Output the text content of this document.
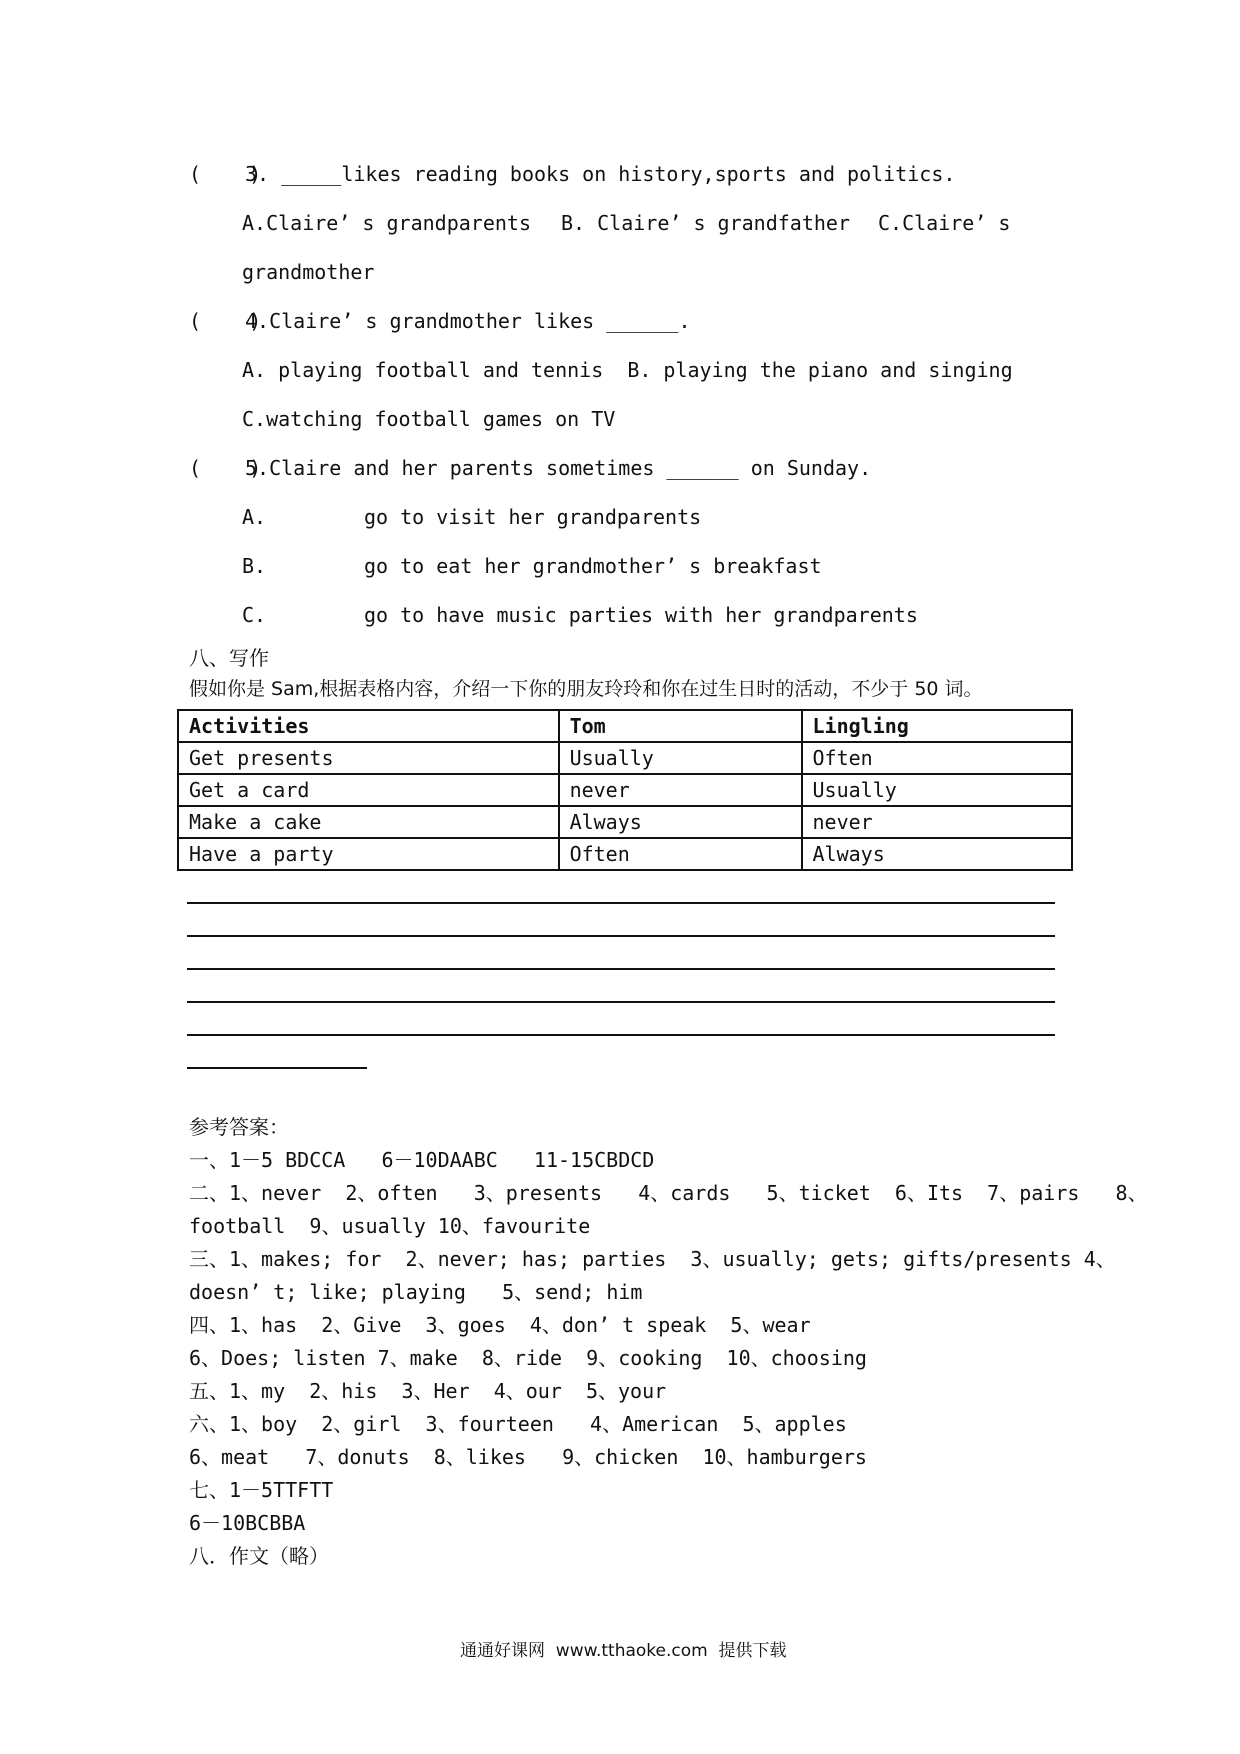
(    )
3. _____likes reading books on history,sports and politics.
A.Claire’ s grandparents B. Claire’ s grandfather C.Claire’ s
grandmother
(    )
4.Claire’ s grandmother likes ______.
A. playing football and tennis  B. playing the piano and singing
C.watching football games on TV
(    )
5.Claire and her parents sometimes ______ on Sunday.
A.	go to visit her grandparents
B.	go to eat her grandmother’ s breakfast
C.	go to have music parties with her grandparents
八、写作
假如你是 Sam,根据表格内容，介绍一下你的朋友玲玲和你在过生日时的活动，不少于 50 词。
Activities	Tom	Lingling
Get presents	Usually	Often
Get a card	never	Usually
Make a cake	Always	never
Have a party	Often	Always
参考答案：
一、1－5 BDCCA   6－10DAABC   11-15CBDCD
二、1、never  2、often   3、presents   4、cards   5、ticket  6、Its  7、pairs   8、
football  9、usually 10、favourite
三、1、makes; for  2、never; has; parties  3、usually; gets; gifts/presents 4、
doesn’ t; like; playing   5、send; him
四、1、has  2、Give  3、goes  4、don’ t speak  5、wear
6、Does; listen 7、make  8、ride  9、cooking  10、choosing
五、1、my  2、his  3、Her  4、our  5、your
六、1、boy  2、girl  3、fourteen   4、American  5、apples
6、meat   7、donuts  8、likes   9、chicken  10、hamburgers
七、1－5TTFTT
6－10BCBBA
八．作文（略）
通通好课网  www.tthaoke.com  提供下载
